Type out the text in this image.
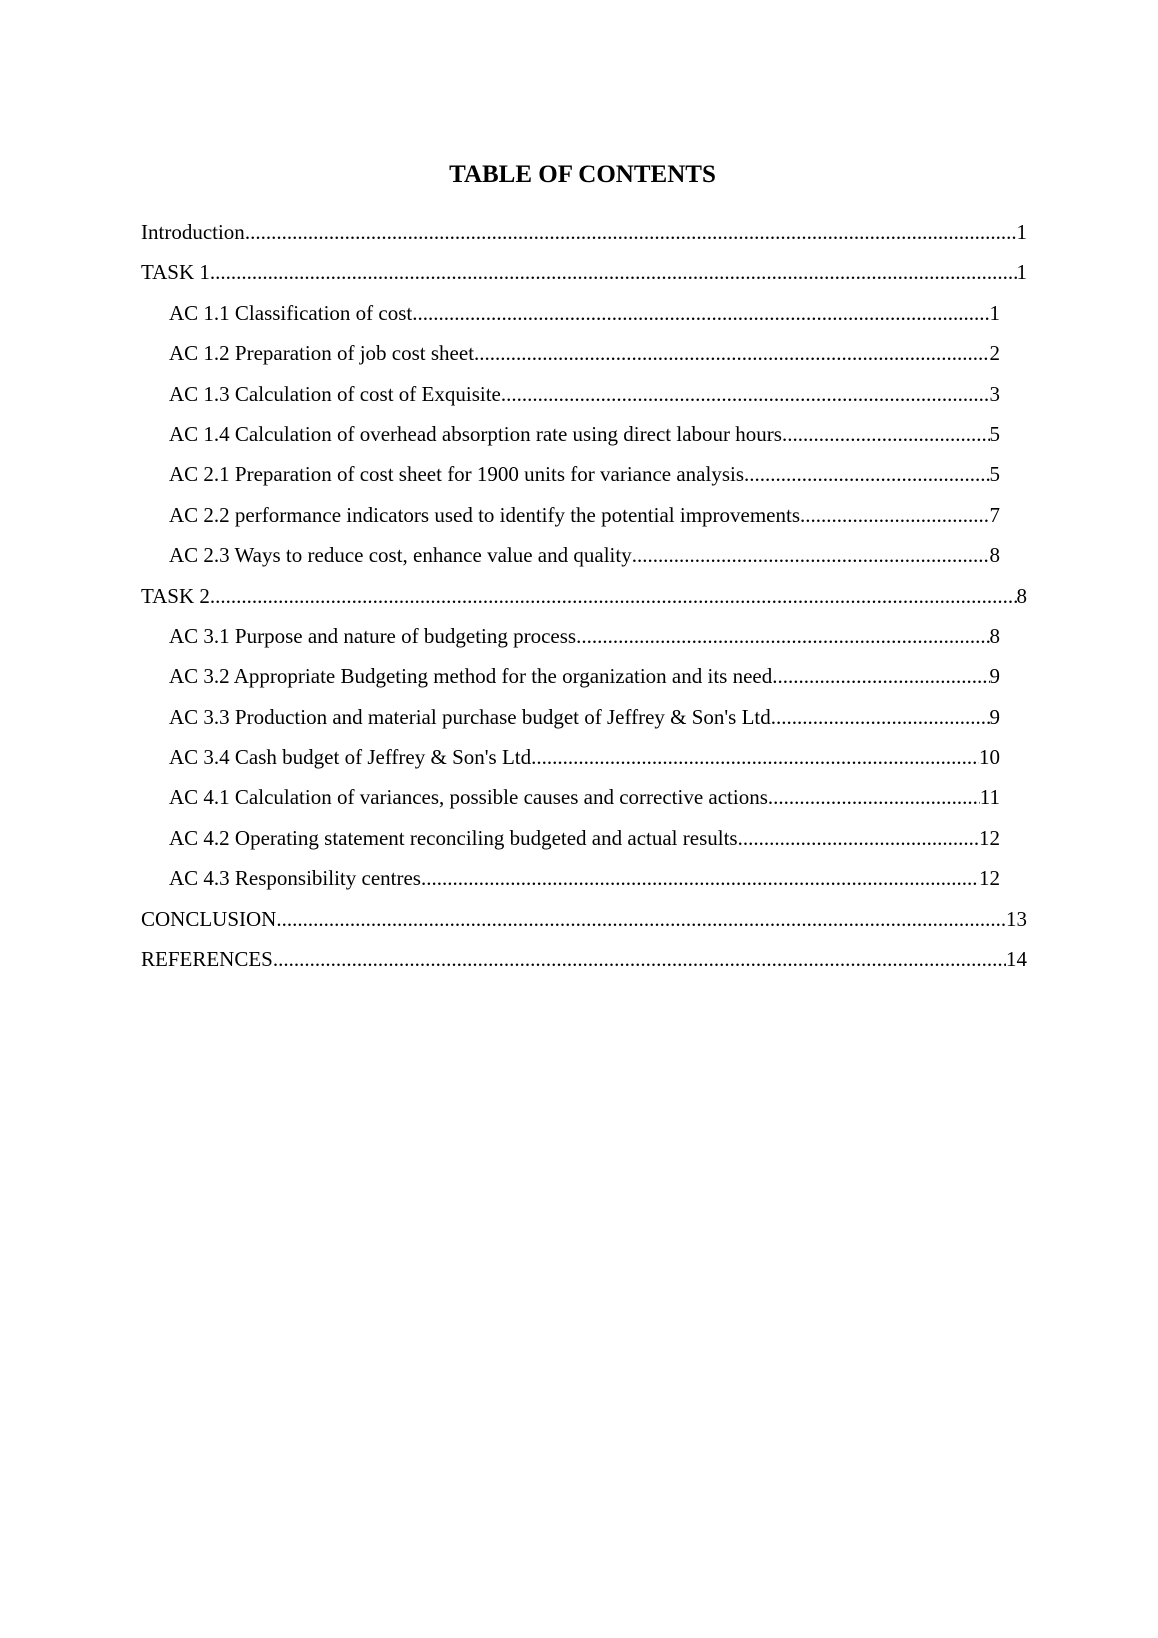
TABLE OF CONTENTS
Introduction .....	1
TASK 1 .....	1
AC 1.1 Classification of cost .....	1
AC 1.2 Preparation of job cost sheet .....	2
AC 1.3 Calculation of cost of Exquisite .....	3
AC 1.4 Calculation of overhead absorption rate using direct labour hours .....	5
AC 2.1 Preparation of cost sheet for 1900 units for variance analysis .....	5
AC 2.2 performance indicators used to identify the potential improvements .....	7
AC 2.3 Ways to reduce cost, enhance value and quality .....	8
TASK 2 .....	8
AC 3.1 Purpose and nature of budgeting process .....	8
AC 3.2 Appropriate Budgeting method for the organization and its need .....	9
AC 3.3 Production and material purchase budget of Jeffrey & Son's Ltd. .....	9
AC 3.4 Cash budget of Jeffrey & Son's Ltd .....	10
AC 4.1 Calculation of variances, possible causes and corrective actions .....	11
AC 4.2 Operating statement reconciling budgeted and actual results .....	12
AC 4.3 Responsibility centres .....	12
CONCLUSION .....	13
REFERENCES .....	14
